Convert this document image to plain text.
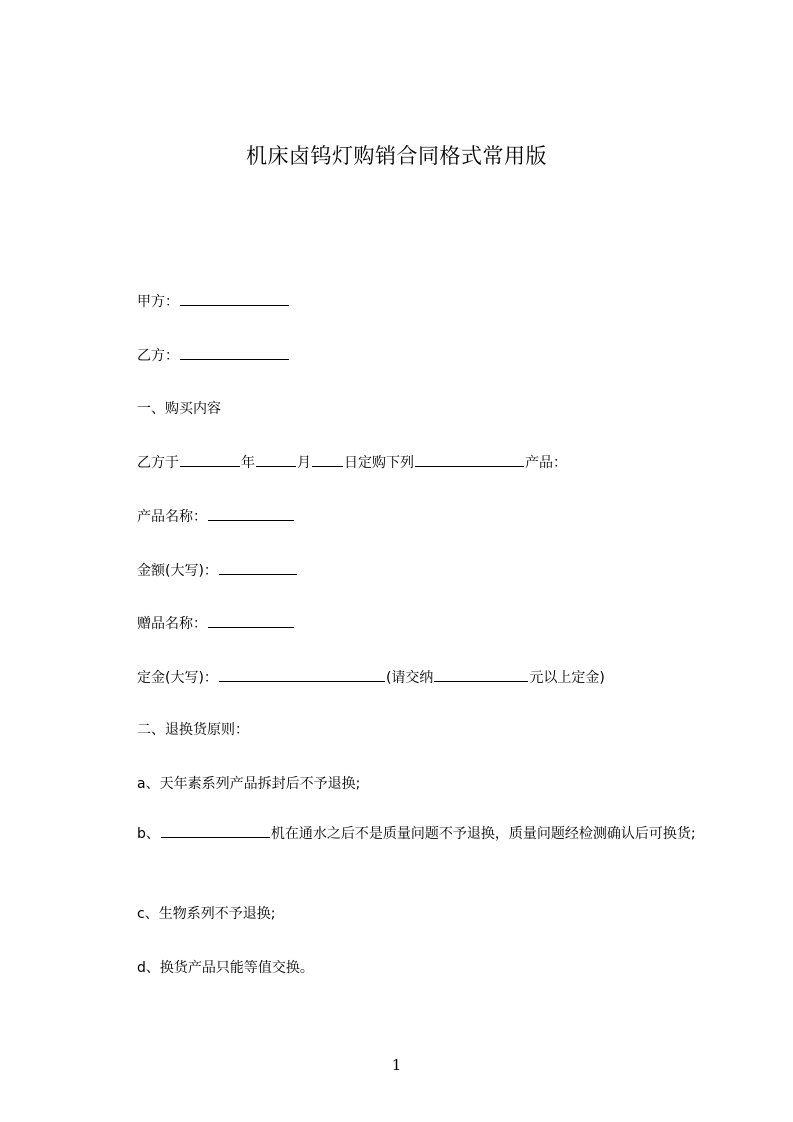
机床卤钨灯购销合同格式常用版
甲方：
乙方：
一、购买内容
乙方于	年	月 日定购下列	产品：
产品名称：
金额(大写)：
赠品名称：
定金(大写)：	(请交纳	元以上定金)
二、退换货原则：
a、天年素系列产品拆封后不予退换;
b、	机在通水之后不是质量问题不予退换，质量问题经检测确认后可换货;
c、生物系列不予退换;
d、换货产品只能等值交换。
1
